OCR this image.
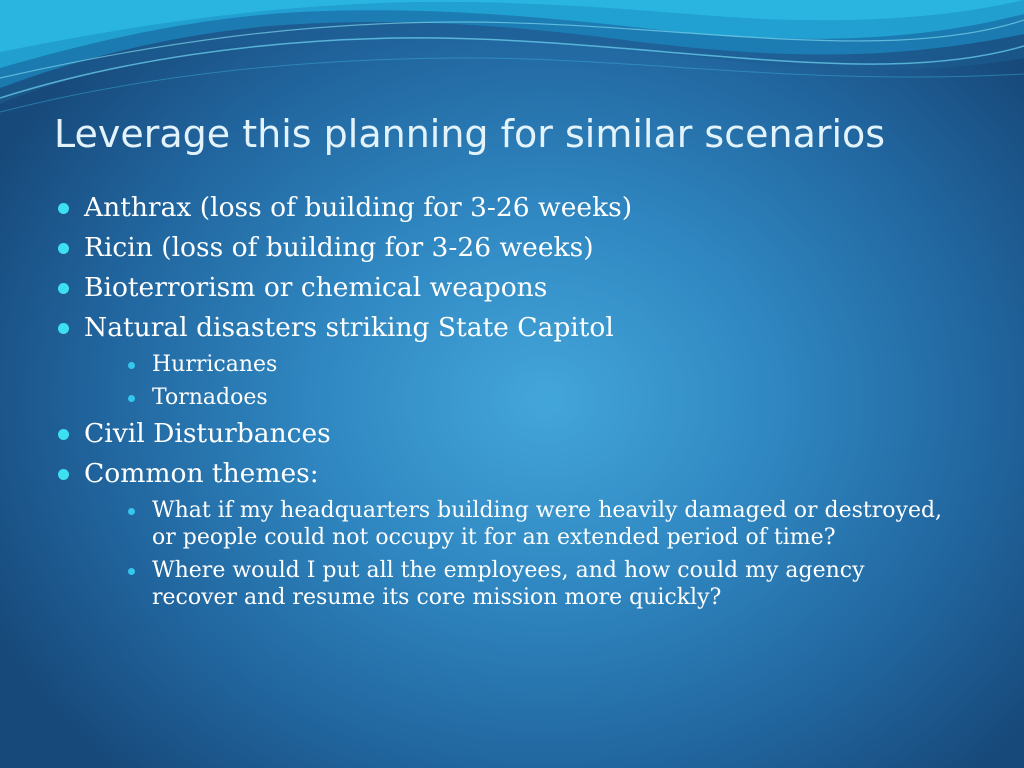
Leverage this planning for similar scenarios
Anthrax (loss of building for 3-26 weeks)
Ricin (loss of building for 3-26 weeks)
Bioterrorism or chemical weapons
Natural disasters striking State Capitol
Hurricanes
Tornadoes
Civil Disturbances
Common themes:
What if my headquarters building were heavily damaged or destroyed, or people could not occupy it for an extended period of time?
Where would I put all the employees, and how could my agency recover and resume its core mission more quickly?
